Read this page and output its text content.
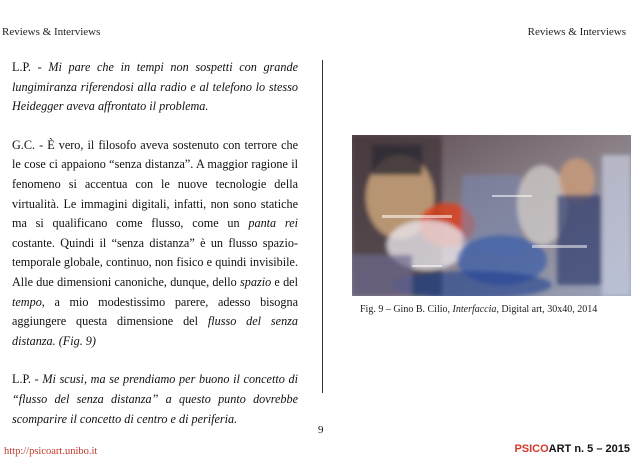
Reviews & Interviews	Reviews & Interviews

L.P. - Mi pare che in tempi non sospetti con grande lungimiranza riferendosi alla radio e al telefono lo stesso Heidegger aveva affrontato il problema.

G.C. - È vero, il filosofo aveva sostenuto con terrore che le cose ci appaiono “senza distanza”. A maggior ragione il fenomeno si accentua con le nuove tecnologie della virtualità. Le immagini digitali, infatti, non sono statiche ma si qualificano come flusso, come un panta rei costante. Quindi il “senza distanza” è un flusso spazio-temporale globale, continuo, non fisico e quindi invisibile. Alle due dimensioni canoniche, dunque, dello spazio e del tempo, a mio modestissimo parere, adesso bisogna aggiungere questa dimensione del flusso del senza distanza. (Fig. 9)

L.P. - Mi scusi, ma se prendiamo per buono il concetto di “flusso del senza distanza” a questo punto dovrebbe scomparire il concetto di centro e di periferia.

Fig. 9 – Gino B. Cilio, Interfaccia, Digital art, 30x40, 2014
9
http://psicoart.unibo.it	PSICOART n. 5 – 2015
